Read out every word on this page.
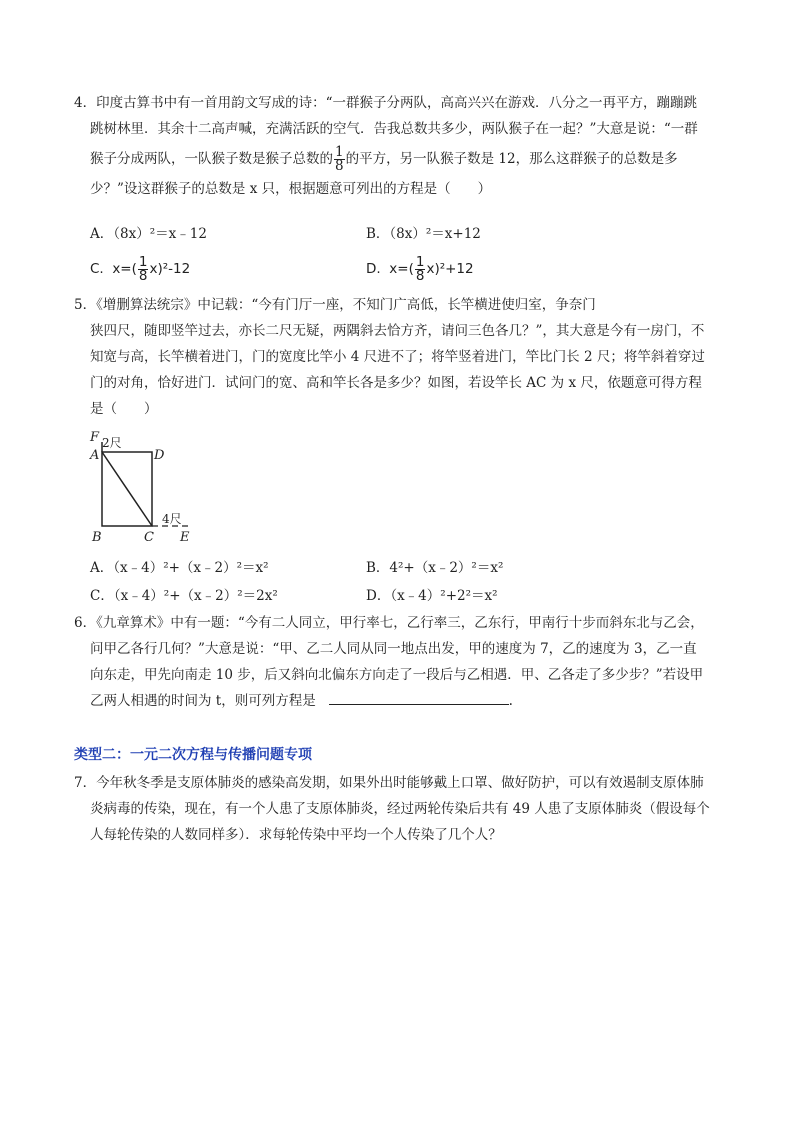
4．印度古算书中有一首用韵文写成的诗：“一群猴子分两队，高高兴兴在游戏．八分之一再平方，蹦蹦跳
跳树林里．其余十二高声喊，充满活跃的空气．告我总数共多少，两队猴子在一起？”大意是说：“一群
猴子分成两队，一队猴子数是猴子总数的 $\frac{1}{8}$ 的平方，另一队猴子数是 12，那么这群猴子的总数是多
少？”设这群猴子的总数是 x 只，根据题意可列出的方程是（　　）
A．（8x）²＝x﹣12	B．（8x）²＝x+12
C. $x=( \frac{1}{8} x)^2-12$	D. $x=( \frac{1}{8} x)^2+12$
5．《增删算法统宗》中记载：“今有门厅一座，不知门广高低，长竿横进使归室，争奈门
狭四尺，随即竖竿过去，亦长二尺无疑，两隅斜去恰方齐，请问三色各几？”，其大意是今有一房门，不
知宽与高，长竿横着进门，门的宽度比竿小 4 尺进不了；将竿竖着进门，竿比门长 2 尺；将竿斜着穿过
门的对角，恰好进门．试问门的宽、高和竿长各是多少？如图，若设竿长 AC 为 x 尺，依题意可得方程
是（　　）
F 2尺
A	D
4尺
B	C E
A．（x﹣4）²+（x﹣2）²＝x²	B．4²+（x﹣2）²＝x²
C．（x﹣4）²+（x﹣2）²＝2x²	D．（x﹣4）²+2²＝x²
6．《九章算术》中有一题：“今有二人同立，甲行率七，乙行率三，乙东行，甲南行十步而斜东北与乙会，
问甲乙各行几何？”大意是说：“甲、乙二人同从同一地点出发，甲的速度为 7，乙的速度为 3，乙一直
向东走，甲先向南走 10 步，后又斜向北偏东方向走了一段后与乙相遇．甲、乙各走了多少步？”若设甲
乙两人相遇的时间为 t，则可列方程是	.
类型二：一元二次方程与传播问题专项
7．今年秋冬季是支原体肺炎的感染高发期，如果外出时能够戴上口罩、做好防护，可以有效遏制支原体肺
炎病毒的传染，现在，有一个人患了支原体肺炎，经过两轮传染后共有 49 人患了支原体肺炎（假设每个
人每轮传染的人数同样多）．求每轮传染中平均一个人传染了几个人？
